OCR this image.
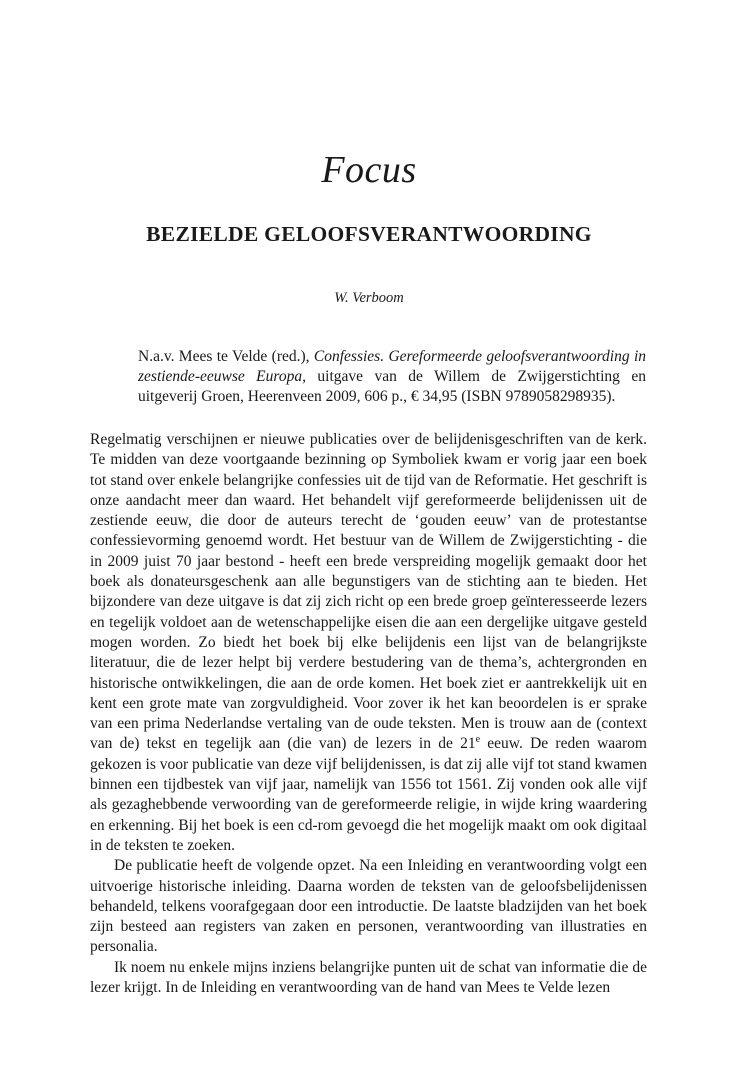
Focus
BEZIELDE GELOOFSVERANTWOORDING
W. Verboom
N.a.v. Mees te Velde (red.), Confessies. Gereformeerde geloofsverantwoording in zestiende-eeuwse Europa, uitgave van de Willem de Zwijgerstichting en uitgeverij Groen, Heerenveen 2009, 606 p., € 34,95 (ISBN 9789058298935).

Regelmatig verschijnen er nieuwe publicaties over de belijdenisgeschriften van de kerk. Te midden van deze voortgaande bezinning op Symboliek kwam er vorig jaar een boek tot stand over enkele belangrijke confessies uit de tijd van de Reformatie. Het geschrift is onze aandacht meer dan waard. Het behandelt vijf gereformeerde belijdenissen uit de zestiende eeuw, die door de auteurs terecht de ‘gouden eeuw’ van de protestantse confessievorming genoemd wordt. Het bestuur van de Willem de Zwijgerstichting - die in 2009 juist 70 jaar bestond - heeft een brede verspreiding mogelijk gemaakt door het boek als donateursgeschenk aan alle begunstigers van de stichting aan te bieden. Het bijzondere van deze uitgave is dat zij zich richt op een brede groep geïnteresseerde lezers en tegelijk voldoet aan de wetenschappelijke eisen die aan een dergelijke uitgave gesteld mogen worden. Zo biedt het boek bij elke belijdenis een lijst van de belangrijkste literatuur, die de lezer helpt bij verdere bestudering van de thema’s, achtergronden en historische ontwikkelingen, die aan de orde komen. Het boek ziet er aantrekkelijk uit en kent een grote mate van zorgvuldigheid. Voor zover ik het kan beoordelen is er sprake van een prima Nederlandse vertaling van de oude teksten. Men is trouw aan de (context van de) tekst en tegelijk aan (die van) de lezers in de 21e eeuw. De reden waarom gekozen is voor publicatie van deze vijf belijdenissen, is dat zij alle vijf tot stand kwamen binnen een tijdbestek van vijf jaar, namelijk van 1556 tot 1561. Zij vonden ook alle vijf als gezaghebbende verwoording van de gereformeerde religie, in wijde kring waardering en erkenning. Bij het boek is een cd-rom gevoegd die het mogelijk maakt om ook digitaal in de teksten te zoeken.

De publicatie heeft de volgende opzet. Na een Inleiding en verantwoording volgt een uitvoerige historische inleiding. Daarna worden de teksten van de geloofsbelijdenissen behandeld, telkens voorafgegaan door een introductie. De laatste bladzijden van het boek zijn besteed aan registers van zaken en personen, verantwoording van illustraties en personalia.

Ik noem nu enkele mijns inziens belangrijke punten uit de schat van informatie die de lezer krijgt. In de Inleiding en verantwoording van de hand van Mees te Velde lezen
